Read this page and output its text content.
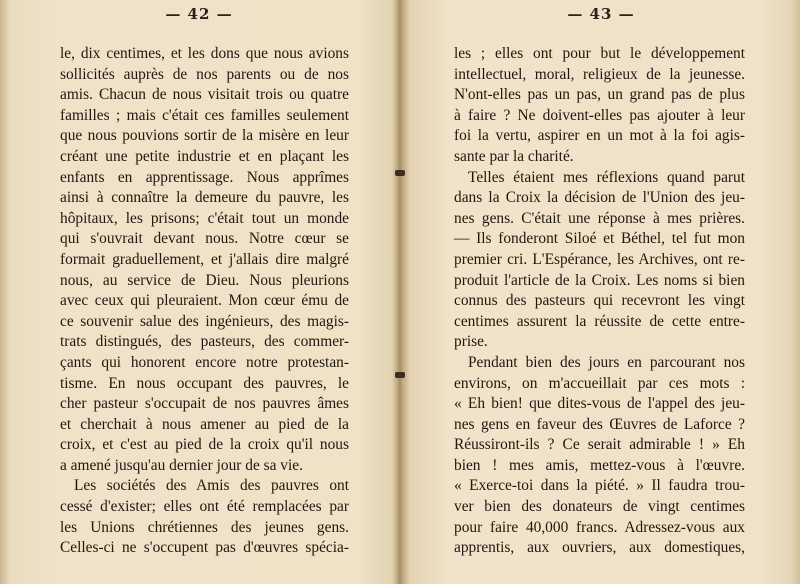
— 42 —
le, dix centimes, et les dons que nous avions
sollicités auprès de nos parents ou de nos
amis. Chacun de nous visitait trois ou quatre
familles ; mais c'était ces familles seulement
que nous pouvions sortir de la misère en leur
créant une petite industrie et en plaçant les
enfants en apprentissage. Nous apprîmes
ainsi à connaître la demeure du pauvre, les
hôpitaux, les prisons; c'était tout un monde
qui s'ouvrait devant nous. Notre cœur se
formait graduellement, et j'allais dire malgré
nous, au service de Dieu. Nous pleurions
avec ceux qui pleuraient. Mon cœur ému de
ce souvenir salue des ingénieurs, des magis-
trats distingués, des pasteurs, des commer-
çants qui honorent encore notre protestan-
tisme. En nous occupant des pauvres, le
cher pasteur s'occupait de nos pauvres âmes
et cherchait à nous amener au pied de la
croix, et c'est au pied de la croix qu'il nous
a amené jusqu'au dernier jour de sa vie.
Les sociétés des Amis des pauvres ont
cessé d'exister; elles ont été remplacées par
les Unions chrétiennes des jeunes gens.
Celles-ci ne s'occupent pas d'œuvres spécia-
— 43 —
les ; elles ont pour but le développement
intellectuel, moral, religieux de la jeunesse.
N'ont-elles pas un pas, un grand pas de plus
à faire ? Ne doivent-elles pas ajouter à leur
foi la vertu, aspirer en un mot à la foi agis-
sante par la charité.
Telles étaient mes réflexions quand parut
dans la Croix la décision de l'Union des jeu-
nes gens. C'était une réponse à mes prières.
— Ils fonderont Siloé et Béthel, tel fut mon
premier cri. L'Espérance, les Archives, ont re-
produit l'article de la Croix. Les noms si bien
connus des pasteurs qui recevront les vingt
centimes assurent la réussite de cette entre-
prise.
Pendant bien des jours en parcourant nos
environs, on m'accueillait par ces mots :
« Eh bien! que dites-vous de l'appel des jeu-
nes gens en faveur des Œuvres de Laforce ?
Réussiront-ils ? Ce serait admirable ! » Eh
bien ! mes amis, mettez-vous à l'œuvre.
« Exerce-toi dans la piété. » Il faudra trou-
ver bien des donateurs de vingt centimes
pour faire 40,000 francs. Adressez-vous aux
apprentis, aux ouvriers, aux domestiques,
